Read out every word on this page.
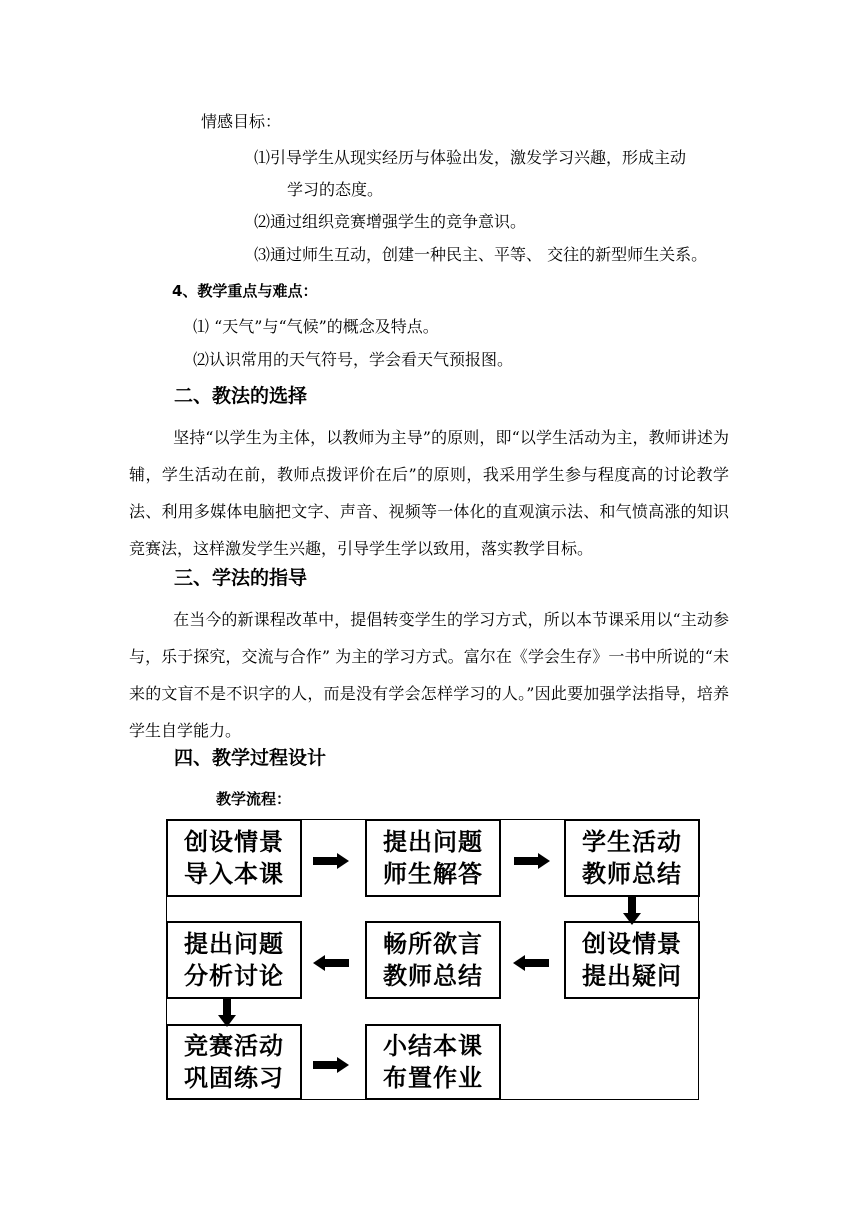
情感目标：
⑴引导学生从现实经历与体验出发，激发学习兴趣，形成主动
学习的态度。
⑵通过组织竞赛增强学生的竞争意识。
⑶通过师生互动，创建一种民主、平等、 交往的新型师生关系。
4、教学重点与难点：
⑴ “天气”与“气候”的概念及特点。
⑵认识常用的天气符号，学会看天气预报图。
二、教法的选择
坚持“以学生为主体，以教师为主导”的原则，即“以学生活动为主，教师讲述为辅，学生活动在前，教师点拨评价在后”的原则，我采用学生参与程度高的讨论教学法、利用多媒体电脑把文字、声音、视频等一体化的直观演示法、和气愤高涨的知识竞赛法，这样激发学生兴趣，引导学生学以致用，落实教学目标。
三、学法的指导
在当今的新课程改革中，提倡转变学生的学习方式，所以本节课采用以“主动参与，乐于探究，交流与合作” 为主的学习方式。富尔在《学会生存》一书中所说的“未来的文盲不是不识字的人，而是没有学会怎样学习的人。”因此要加强学法指导，培养学生自学能力。
四、教学过程设计
教学流程：
创设情景
导入本课
提出问题
师生解答
学生活动
教师总结
创设情景
提出疑问
畅所欲言
教师总结
提出问题
分析讨论
竞赛活动
巩固练习
小结本课
布置作业
